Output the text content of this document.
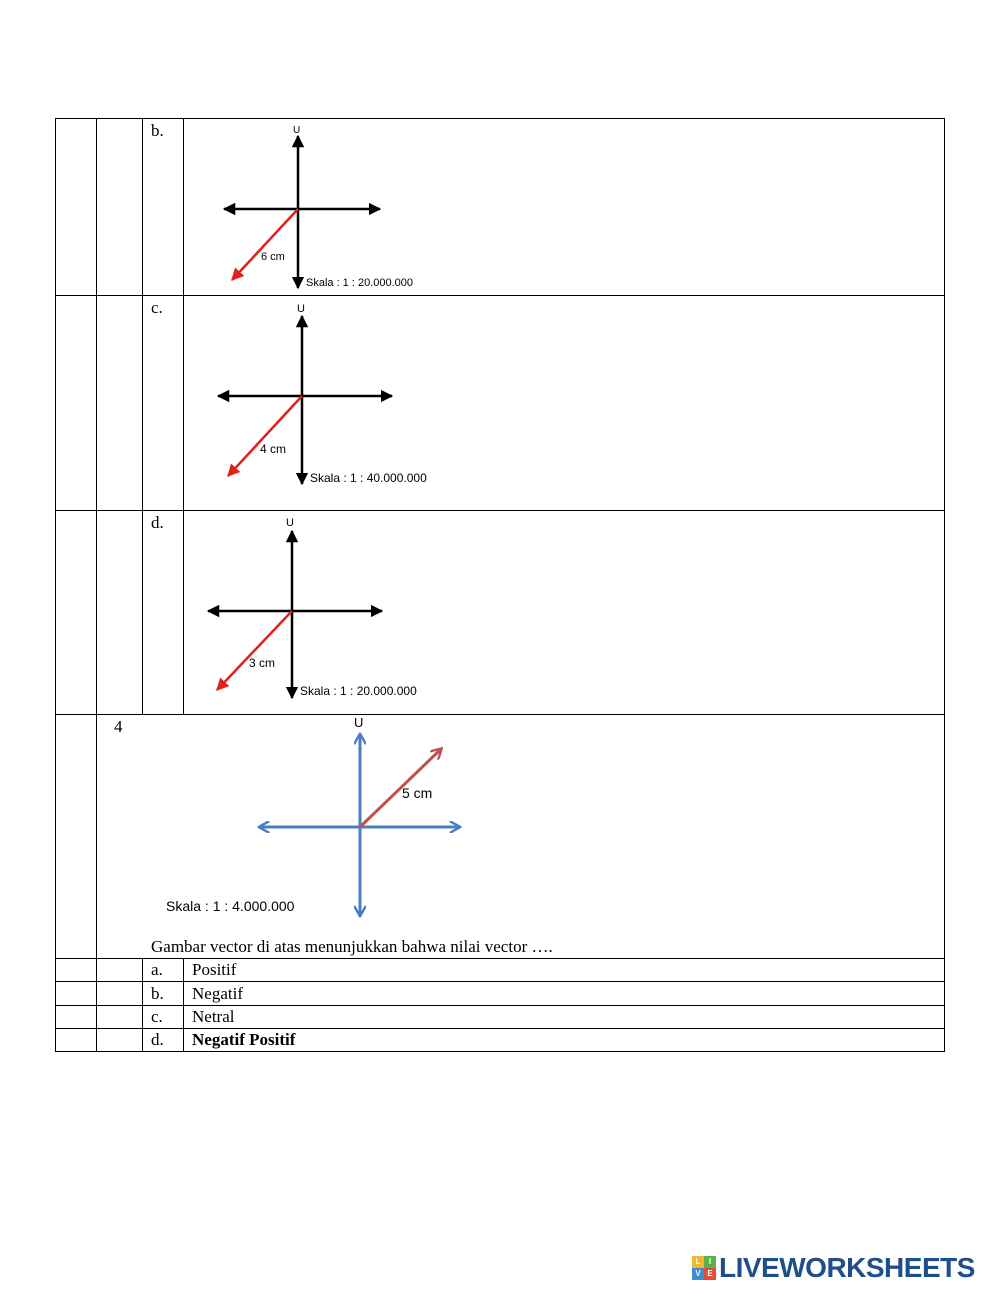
b.	U
6 cm
Skala : 1 : 20.000.000
U
4 cm
Skala : 1 : 40.000.000
U
3 cm
Skala : 1 : 20.000.000
U
5 cm
Skala : 1 : 4.000.000
c.
d.
4
Gambar vector di atas menunjukkan bahwa nilai vector ….
a. Positif
b. Negatif
c. Netral
d. Negatif Positif
L	I
V E LIVEWORKSHEETS
